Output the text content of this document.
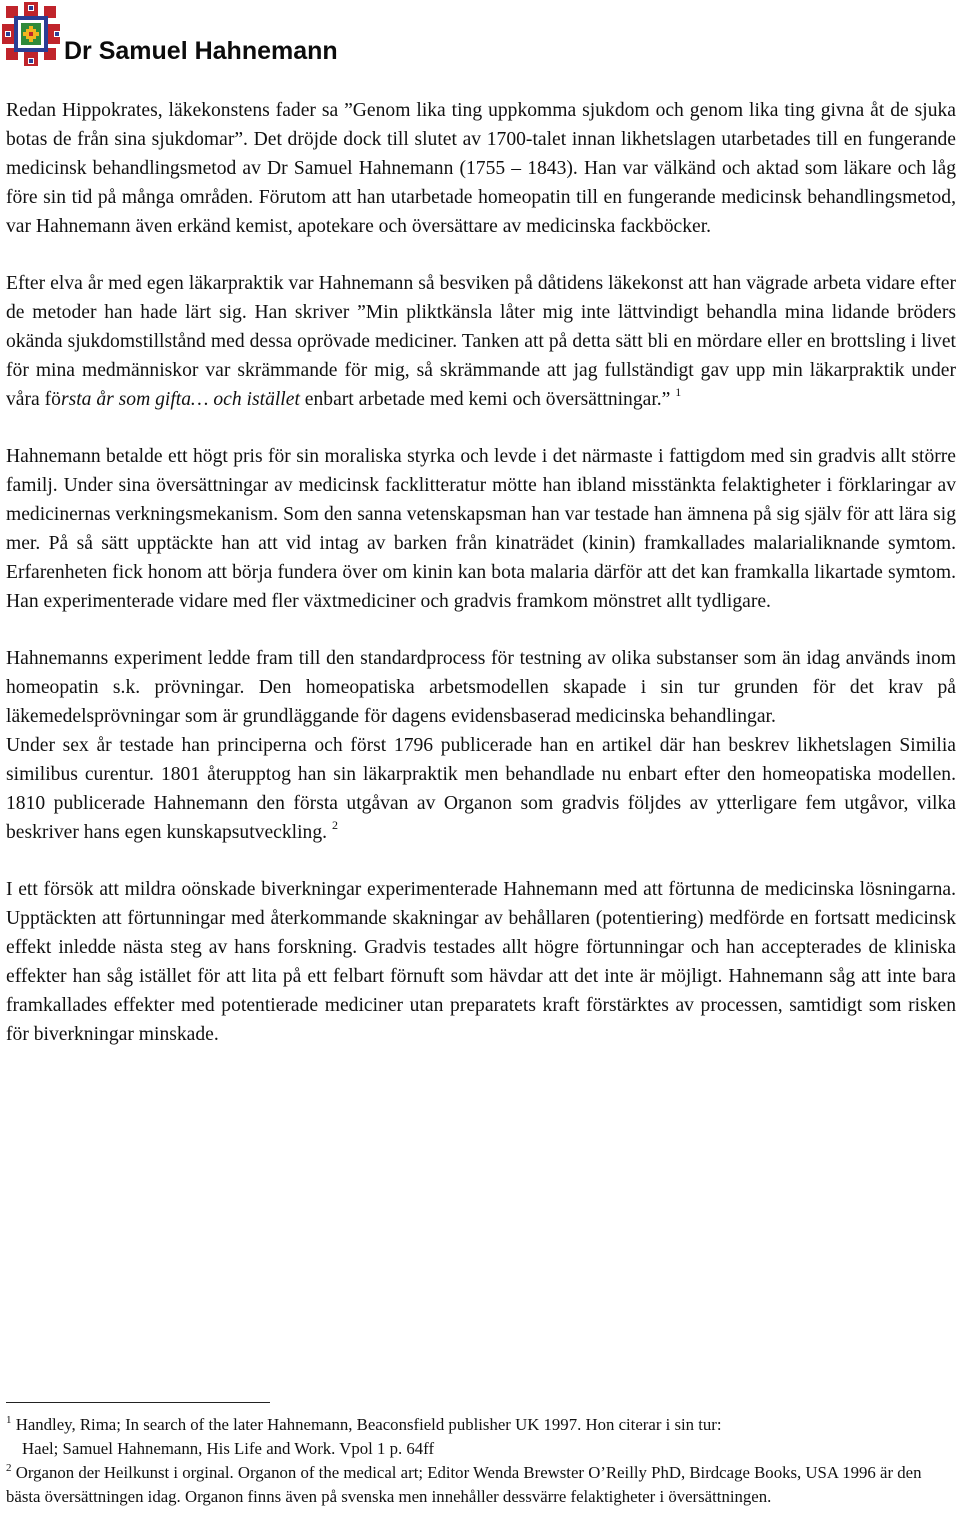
Dr Samuel Hahnemann

Redan Hippokrates, läkekonstens fader sa ”Genom lika ting uppkomma sjukdom och genom lika ting givna åt de sjuka botas de från sina sjukdomar”. Det dröjde dock till slutet av 1700-talet innan likhetslagen utarbetades till en fungerande medicinsk behandlingsmetod av Dr Samuel Hahnemann (1755 – 1843). Han var välkänd och aktad som läkare och låg före sin tid på många områden. Förutom att han utarbetade homeopatin till en fungerande medicinsk behandlingsmetod, var Hahnemann även erkänd kemist, apotekare och översättare av medicinska fackböcker.

Efter elva år med egen läkarpraktik var Hahnemann så besviken på dåtidens läkekonst att han vägrade arbeta vidare efter de metoder han hade lärt sig. Han skriver ”Min pliktkänsla låter mig inte lättvindigt behandla mina lidande bröders okända sjukdomstillstånd med dessa oprövade mediciner. Tanken att på detta sätt bli en mördare eller en brottsling i livet för mina medmänniskor var skrämmande för mig, så skrämmande att jag fullständigt gav upp min läkarpraktik under våra första år som gifta… och istället enbart arbetade med kemi och översättningar.” $^1$

Hahnemann betalde ett högt pris för sin moraliska styrka och levde i det närmaste i fattigdom med sin gradvis allt större familj. Under sina översättningar av medicinsk facklitteratur mötte han ibland misstänkta felaktigheter i förklaringar av medicinernas verkningsmekanism. Som den sanna vetenskapsman han var testade han ämnena på sig själv för att lära sig mer. På så sätt upptäckte han att vid intag av barken från kinaträdet (kinin) framkallades malarialiknande symtom. Erfarenheten fick honom att börja fundera över om kinin kan bota malaria därför att det kan framkalla likartade symtom. Han experimenterade vidare med fler växtmediciner och gradvis framkom mönstret allt tydligare.

Hahnemanns experiment ledde fram till den standardprocess för testning av olika substanser som än idag används inom homeopatin s.k. prövningar. Den homeopatiska arbetsmodellen skapade i sin tur grunden för det krav på läkemedelsprövningar som är grundläggande för dagens evidensbaserad medicinska behandlingar.

Under sex år testade han principerna och först 1796 publicerade han en artikel där han beskrev likhetslagen Similia similibus curentur. 1801 återupptog han sin läkarpraktik men behandlade nu enbart efter den homeopatiska modellen. 1810 publicerade Hahnemann den första utgåvan av Organon som gradvis följdes av ytterligare fem utgåvor, vilka beskriver hans egen kunskapsutveckling. $^2$

I ett försök att mildra oönskade biverkningar experimenterade Hahnemann med att förtunna de medicinska lösningarna. Upptäckten att förtunningar med återkommande skakningar av behållaren (potentiering) medförde en fortsatt medicinsk effekt inledde nästa steg av hans forskning. Gradvis testades allt högre förtunningar och han accepterades de kliniska effekter han såg istället för att lita på ett felbart förnuft som hävdar att det inte är möjligt. Hahnemann såg att inte bara framkallades effekter med potentierade mediciner utan preparatets kraft förstärktes av processen, samtidigt som risken för biverkningar minskade.

$^1$ Handley, Rima; In search of the later Hahnemann, Beaconsfield publisher UK 1997. Hon citerar i sin tur:

Hael; Samuel Hahnemann, His Life and Work. Vpol 1 p. 64ff

$^2$ Organon der Heilkunst i orginal. Organon of the medical art; Editor Wenda Brewster O’Reilly PhD, Birdcage Books, USA 1996 är den bästa översättningen idag. Organon finns även på svenska men innehåller dessvärre felaktigheter i översättningen.
